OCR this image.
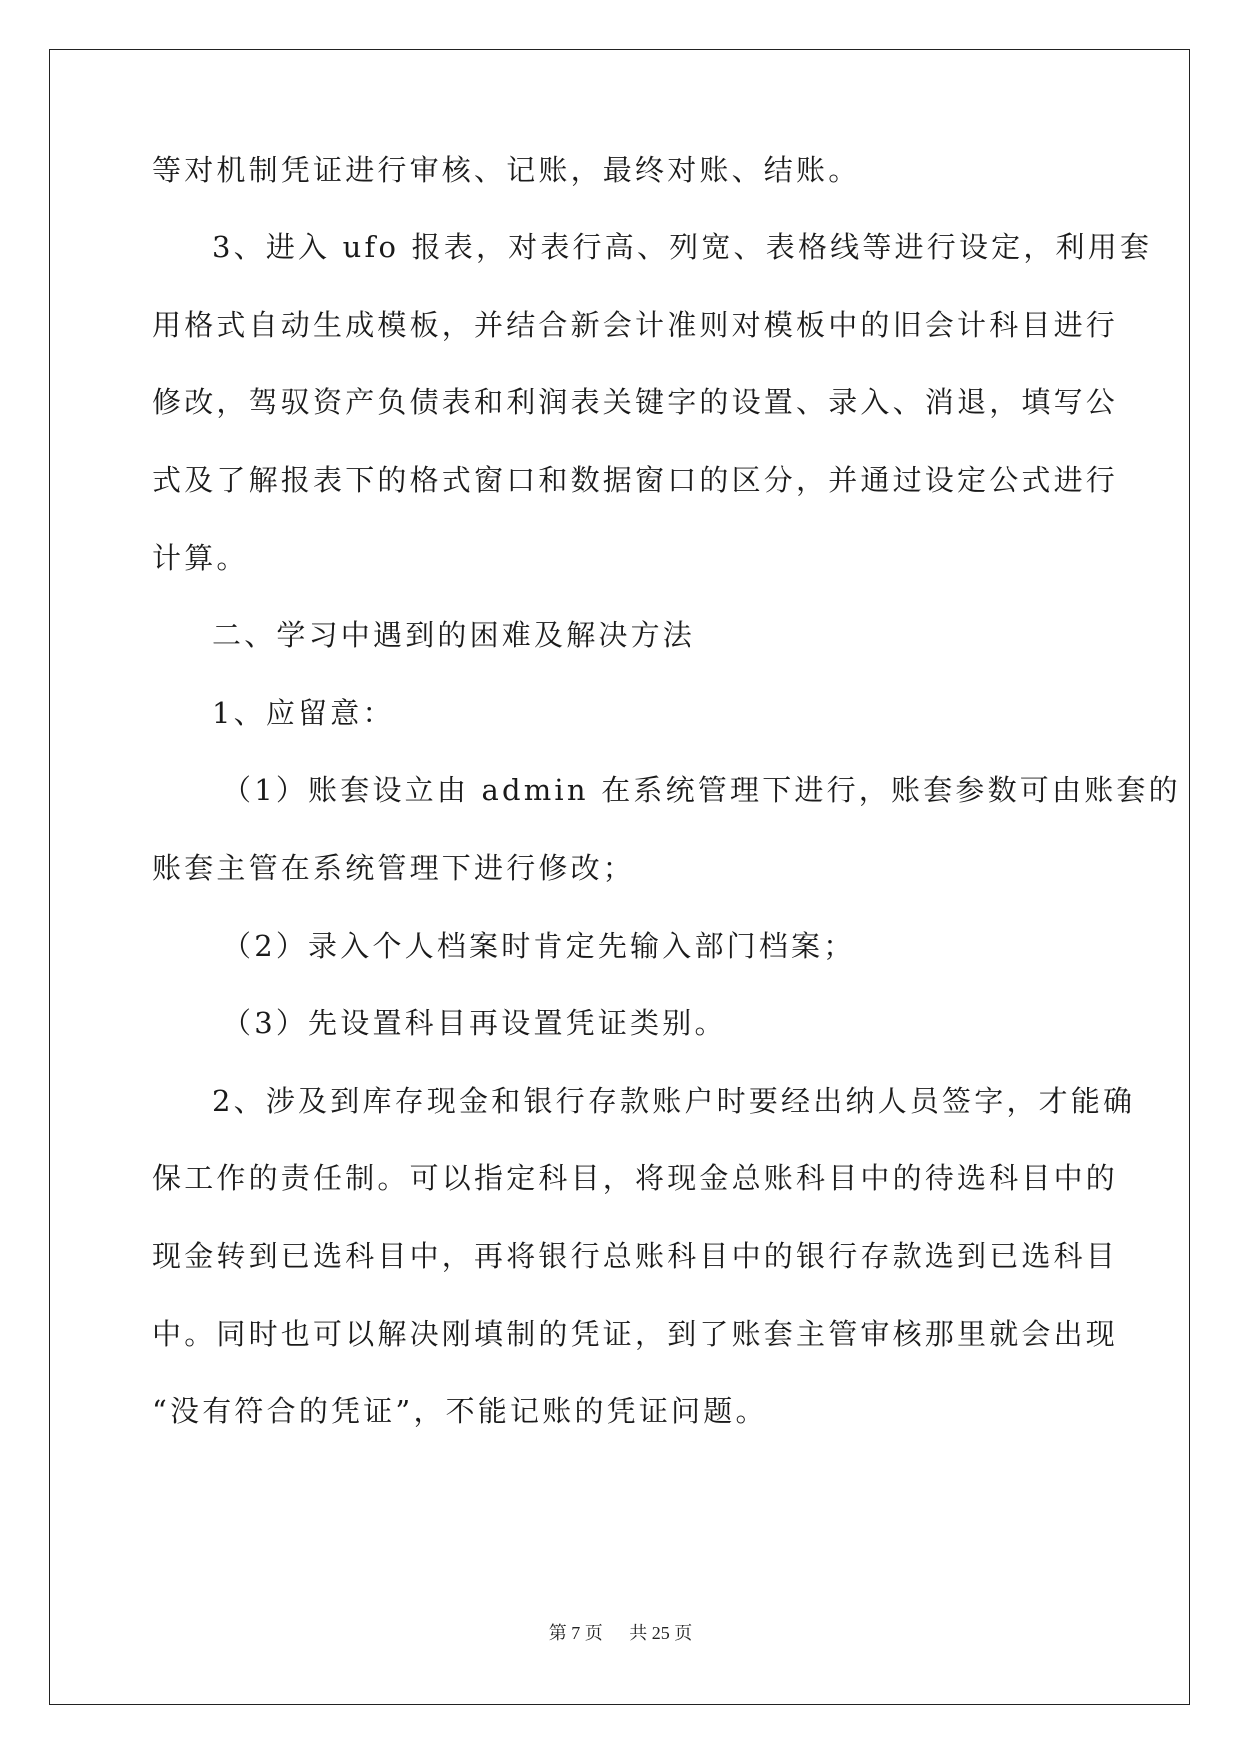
等对机制凭证进行审核、记账，最终对账、结账。
3、进入 ufo 报表，对表行高、列宽、表格线等进行设定，利用套
用格式自动生成模板，并结合新会计准则对模板中的旧会计科目进行
修改，驾驭资产负债表和利润表关键字的设置、录入、消退，填写公
式及了解报表下的格式窗口和数据窗口的区分，并通过设定公式进行
计算。
二、学习中遇到的困难及解决方法
1、应留意：
（1）账套设立由 admin 在系统管理下进行，账套参数可由账套的
账套主管在系统管理下进行修改；
（2）录入个人档案时肯定先输入部门档案；
（3）先设置科目再设置凭证类别。
2、涉及到库存现金和银行存款账户时要经出纳人员签字，才能确
保工作的责任制。可以指定科目，将现金总账科目中的待选科目中的
现金转到已选科目中，再将银行总账科目中的银行存款选到已选科目
中。同时也可以解决刚填制的凭证，到了账套主管审核那里就会出现
“没有符合的凭证”，不能记账的凭证问题。
第 7 页 共 25 页
